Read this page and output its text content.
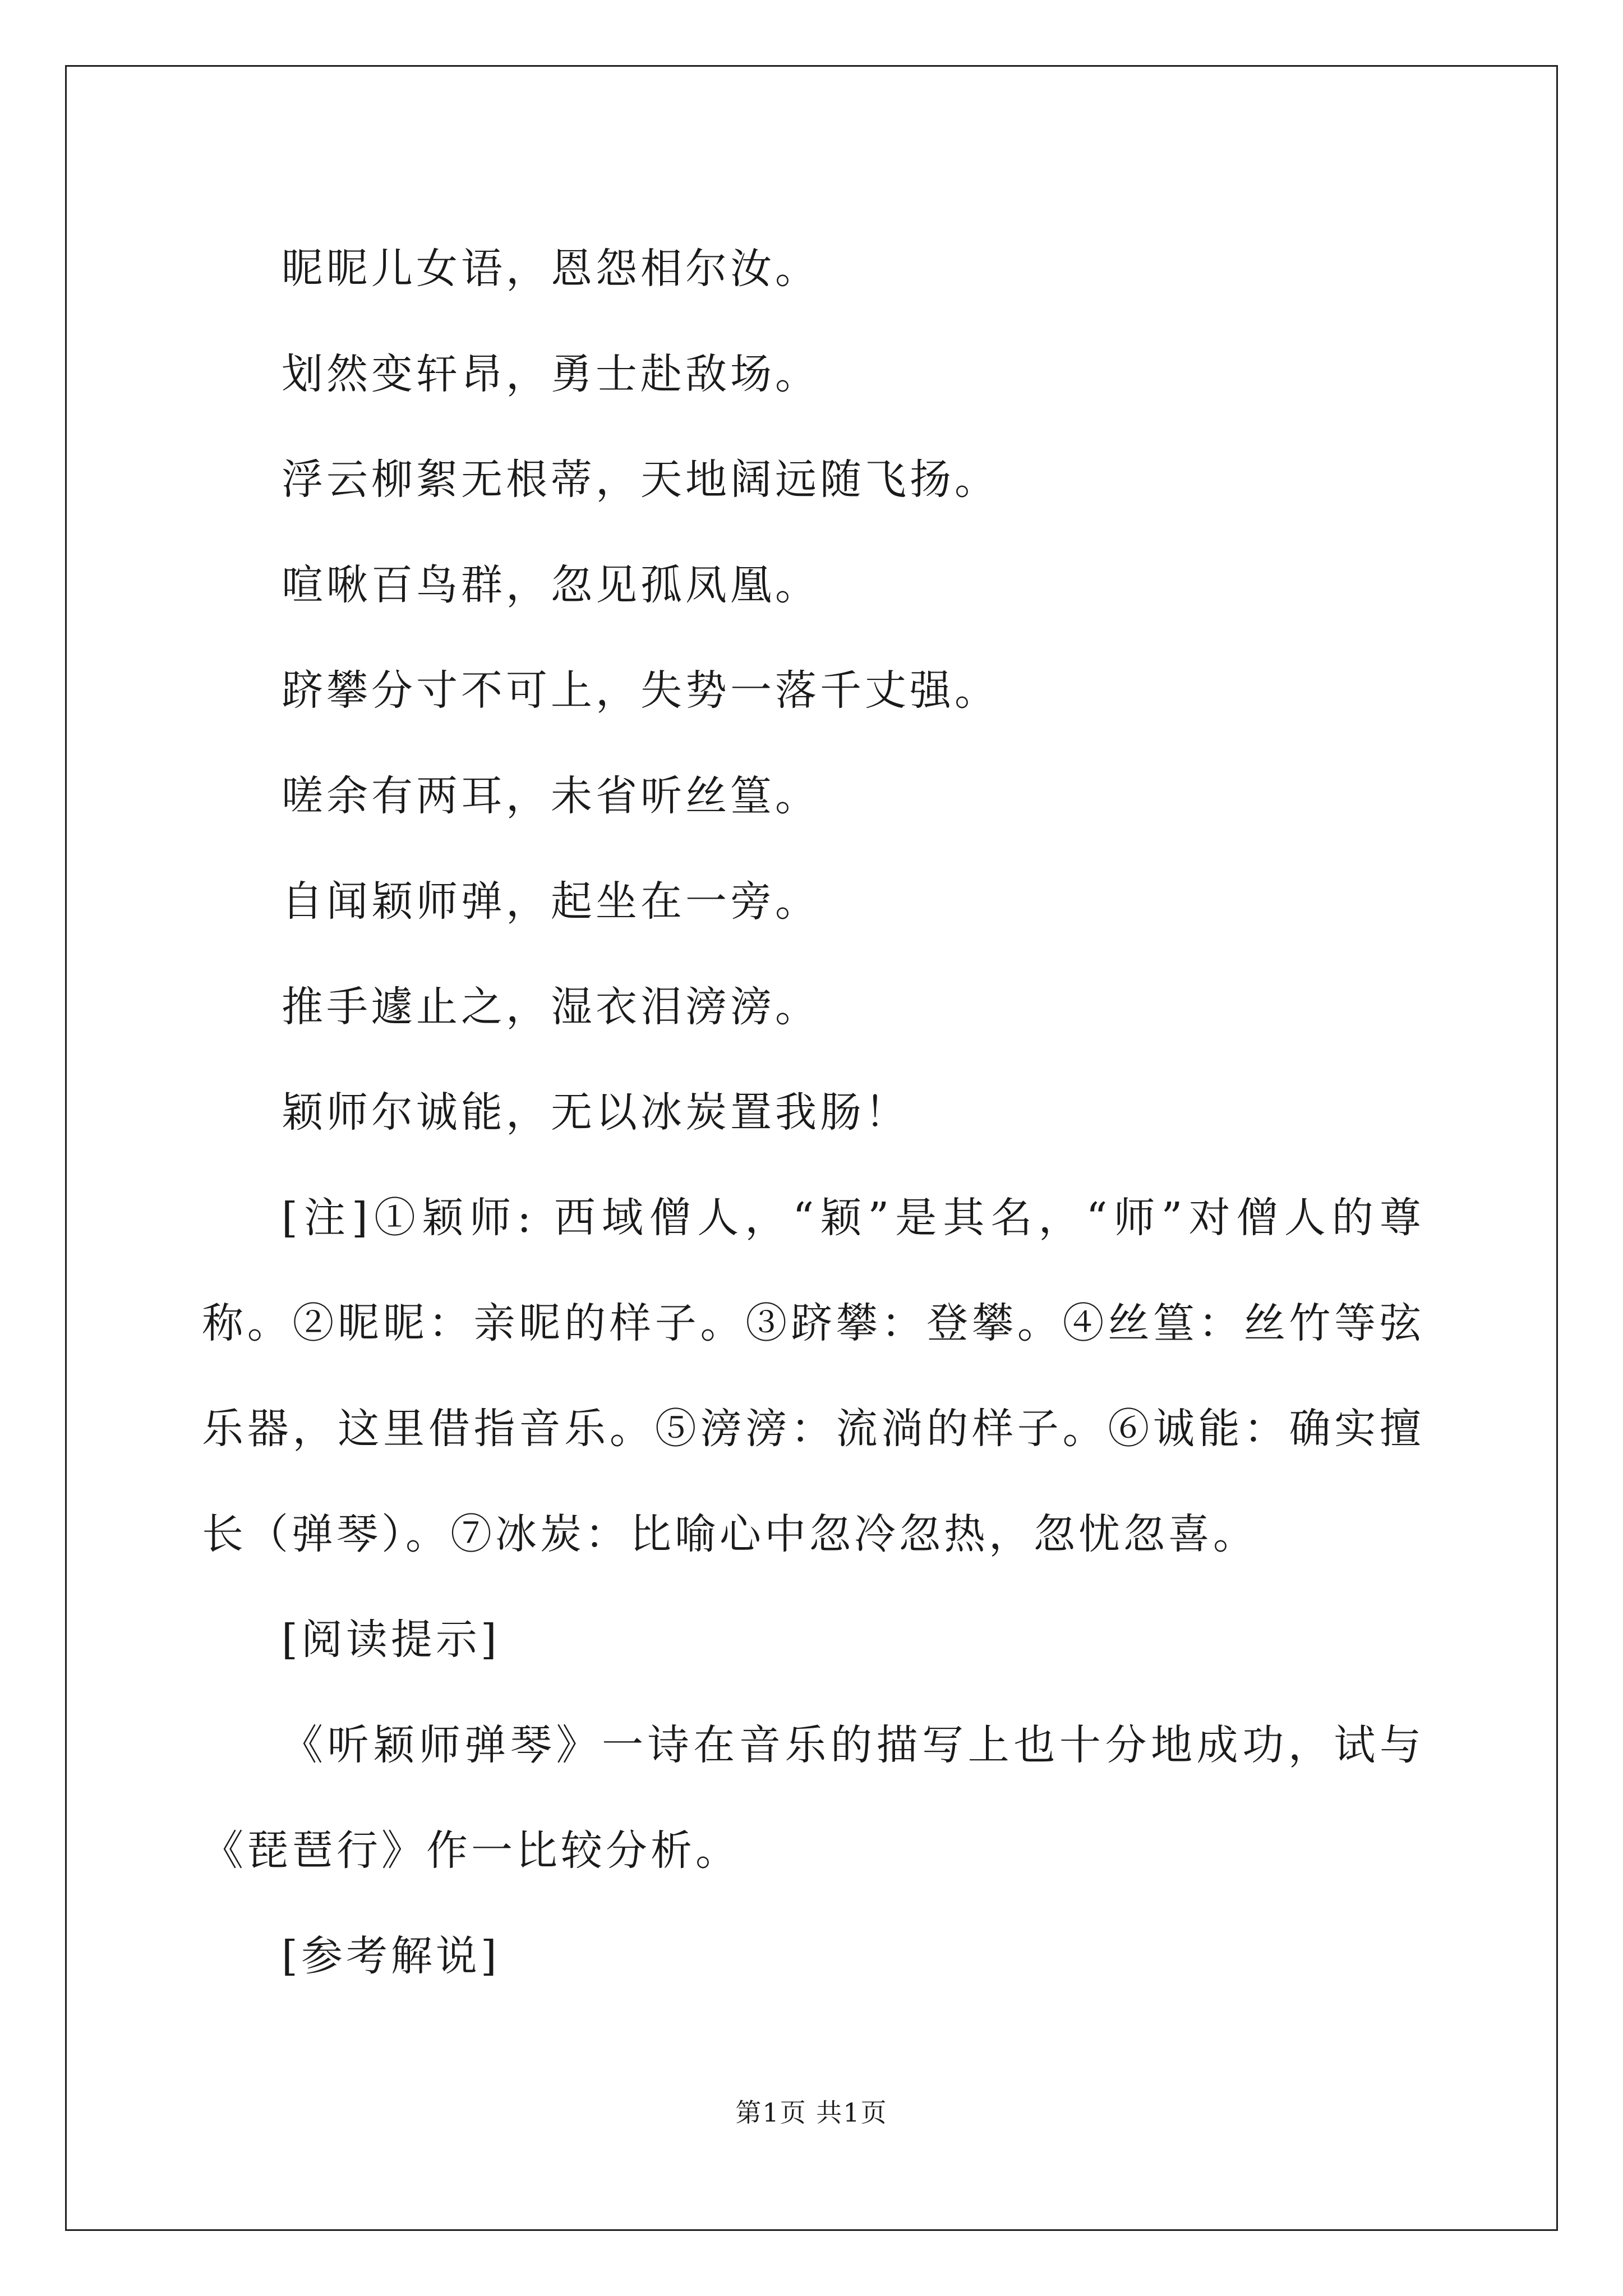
昵昵儿女语，恩怨相尔汝。
划然变轩昂，勇士赴敌场。
浮云柳絮无根蒂，天地阔远随飞扬。
喧啾百鸟群，忽见孤凤凰。
跻攀分寸不可上，失势一落千丈强。
嗟余有两耳，未省听丝篁。
自闻颖师弹，起坐在一旁。
推手遽止之，湿衣泪滂滂。
颖师尔诚能，无以冰炭置我肠！
[注]①颖师: 西域僧人，“颖”是其名，“师”对僧人的尊称。②昵昵：亲昵的样子。③跻攀：登攀。④丝篁：丝竹等弦乐器，这里借指音乐。⑤滂滂：流淌的样子。⑥诚能：确实擅长（弹琴）。⑦冰炭：比喻心中忽冷忽热，忽忧忽喜。
[阅读提示]
《听颖师弹琴》一诗在音乐的描写上也十分地成功，试与《琵琶行》作一比较分析。
[参考解说]
第1页 共1页
